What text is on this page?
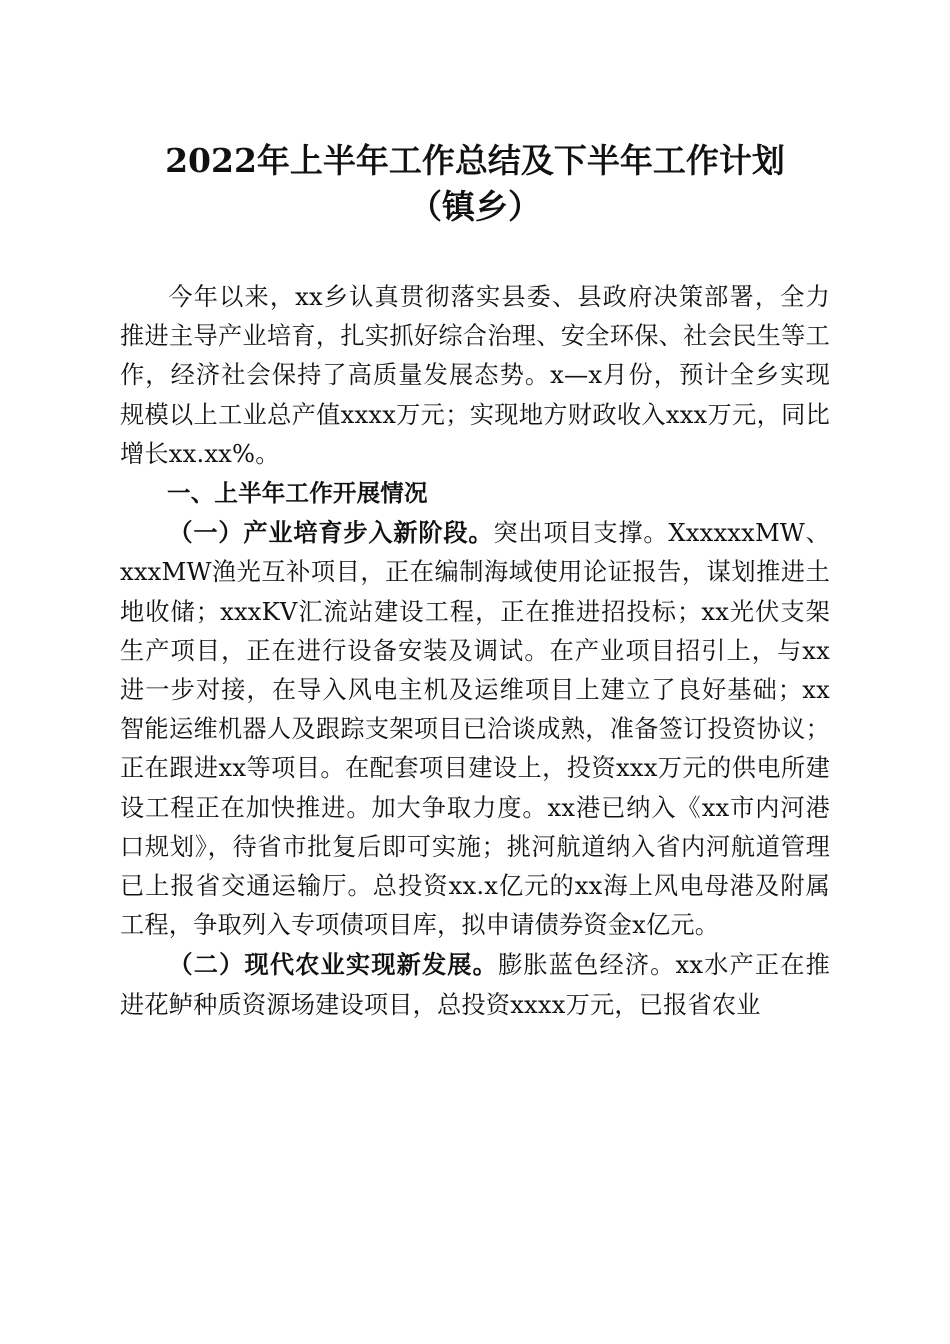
2022年上半年工作总结及下半年工作计划
（镇乡）

今年以来，xx乡认真贯彻落实县委、县政府决策部署，全力推进主导产业培育，扎实抓好综合治理、安全环保、社会民生等工作，经济社会保持了高质量发展态势。x—x月份，预计全乡实现规模以上工业总产值xxxx万元；实现地方财政收入xxx万元，同比增长xx.xx%。

一、上半年工作开展情况

（一）产业培育步入新阶段。突出项目支撑。XxxxxxMW、xxxMW渔光互补项目，正在编制海域使用论证报告，谋划推进土地收储；xxxKV汇流站建设工程，正在推进招投标；xx光伏支架生产项目，正在进行设备安装及调试。在产业项目招引上，与xx进一步对接，在导入风电主机及运维项目上建立了良好基础；xx智能运维机器人及跟踪支架项目已洽谈成熟，准备签订投资协议；正在跟进xx等项目。在配套项目建设上，投资xxx万元的供电所建设工程正在加快推进。加大争取力度。xx港已纳入《xx市内河港口规划》，待省市批复后即可实施；挑河航道纳入省内河航道管理已上报省交通运输厅。总投资xx.x亿元的xx海上风电母港及附属工程，争取列入专项债项目库，拟申请债券资金x亿元。

（二）现代农业实现新发展。膨胀蓝色经济。xx水产正在推进花鲈种质资源场建设项目，总投资xxxx万元，已报省农业
